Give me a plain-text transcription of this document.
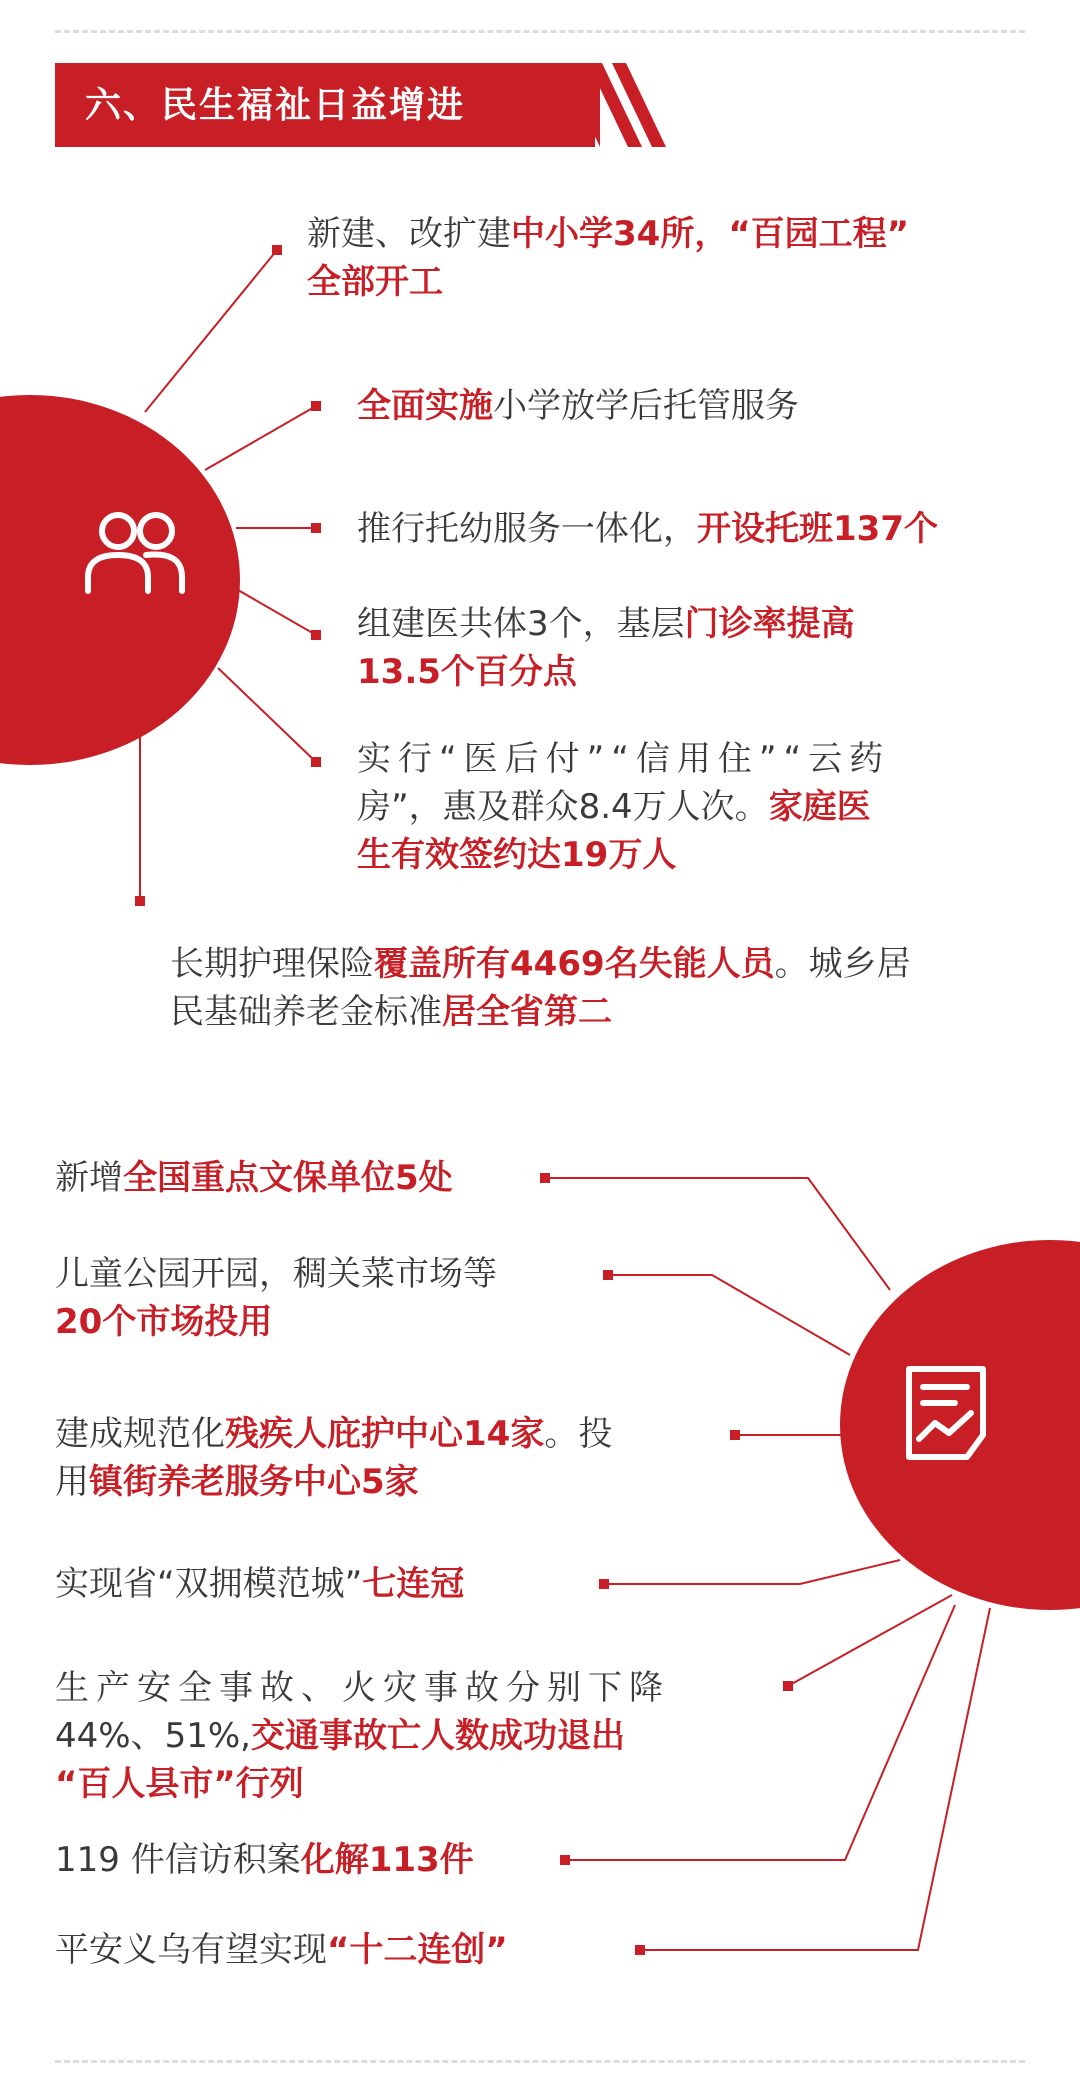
六、民生福祉日益增进
新建、改扩建中小学34所，“百园工程”
全部开工
全面实施小学放学后托管服务
推行托幼服务一体化，开设托班137个
组建医共体3个，基层门诊率提高
13.5个百分点
实行“医后付”“信用住”“云药
房”，惠及群众8.4万人次。家庭医
生有效签约达19万人
长期护理保险覆盖所有4469名失能人员。城乡居
民基础养老金标准居全省第二
新增全国重点文保单位5处
儿童公园开园，稠关菜市场等
20个市场投用
建成规范化残疾人庇护中心14家。投
用镇街养老服务中心5家
实现省“双拥模范城”七连冠
生产安全事故、火灾事故分别下降
44%、51%,交通事故亡人数成功退出
“百人县市”行列
119 件信访积案化解113件
平安义乌有望实现“十二连创”
